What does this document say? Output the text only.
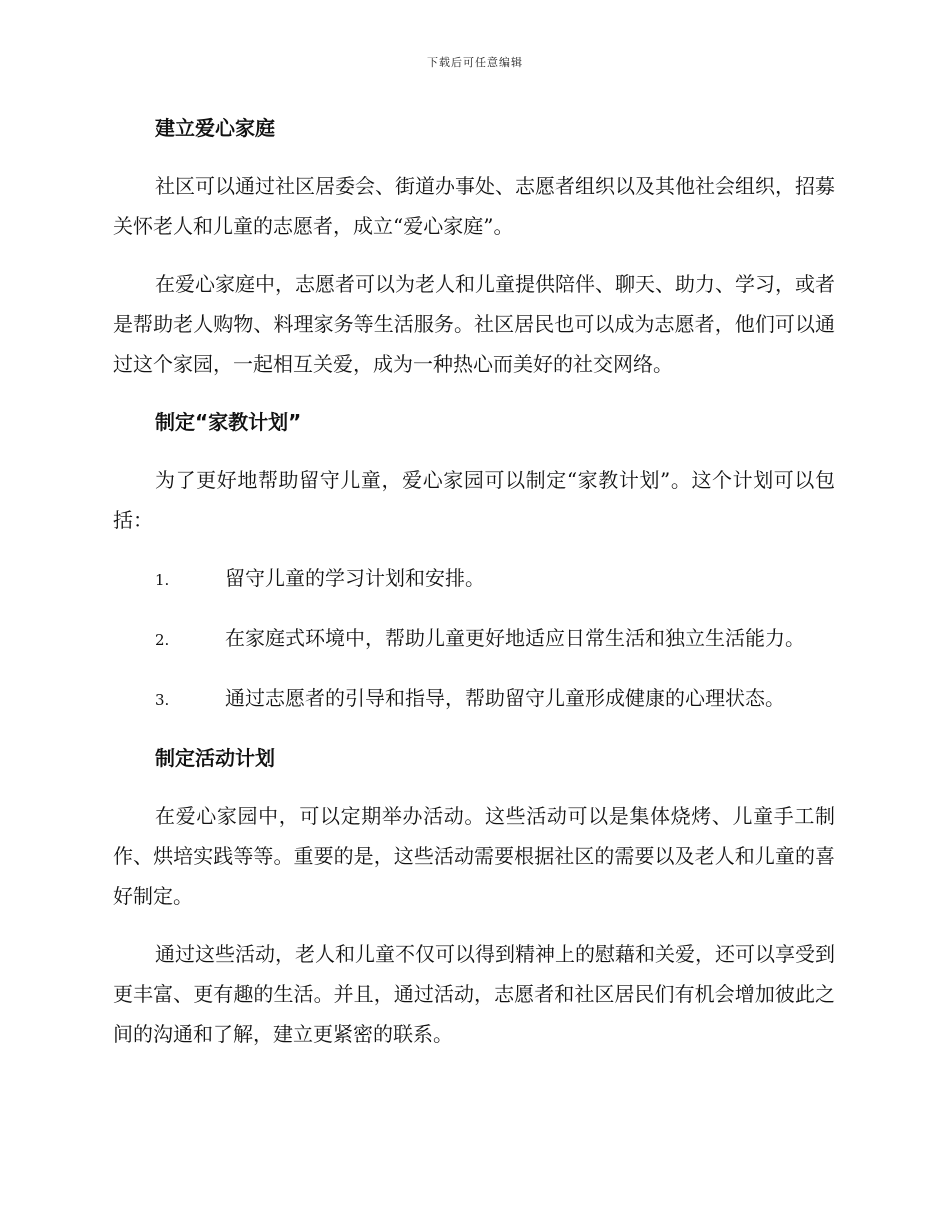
下载后可任意编辑
建立爱心家庭

社区可以通过社区居委会、街道办事处、志愿者组织以及其他社会组织，招募关怀老人和儿童的志愿者，成立“爱心家庭”。

在爱心家庭中，志愿者可以为老人和儿童提供陪伴、聊天、助力、学习，或者是帮助老人购物、料理家务等生活服务。社区居民也可以成为志愿者，他们可以通过这个家园，一起相互关爱，成为一种热心而美好的社交网络。

制定“家教计划”

为了更好地帮助留守儿童，爱心家园可以制定“家教计划”。这个计划可以包括：

1.	留守儿童的学习计划和安排。
2.	在家庭式环境中，帮助儿童更好地适应日常生活和独立生活能力。
3.	通过志愿者的引导和指导，帮助留守儿童形成健康的心理状态。
制定活动计划

在爱心家园中，可以定期举办活动。这些活动可以是集体烧烤、儿童手工制作、烘培实践等等。重要的是，这些活动需要根据社区的需要以及老人和儿童的喜好制定。

通过这些活动，老人和儿童不仅可以得到精神上的慰藉和关爱，还可以享受到更丰富、更有趣的生活。并且，通过活动，志愿者和社区居民们有机会增加彼此之间的沟通和了解，建立更紧密的联系。
